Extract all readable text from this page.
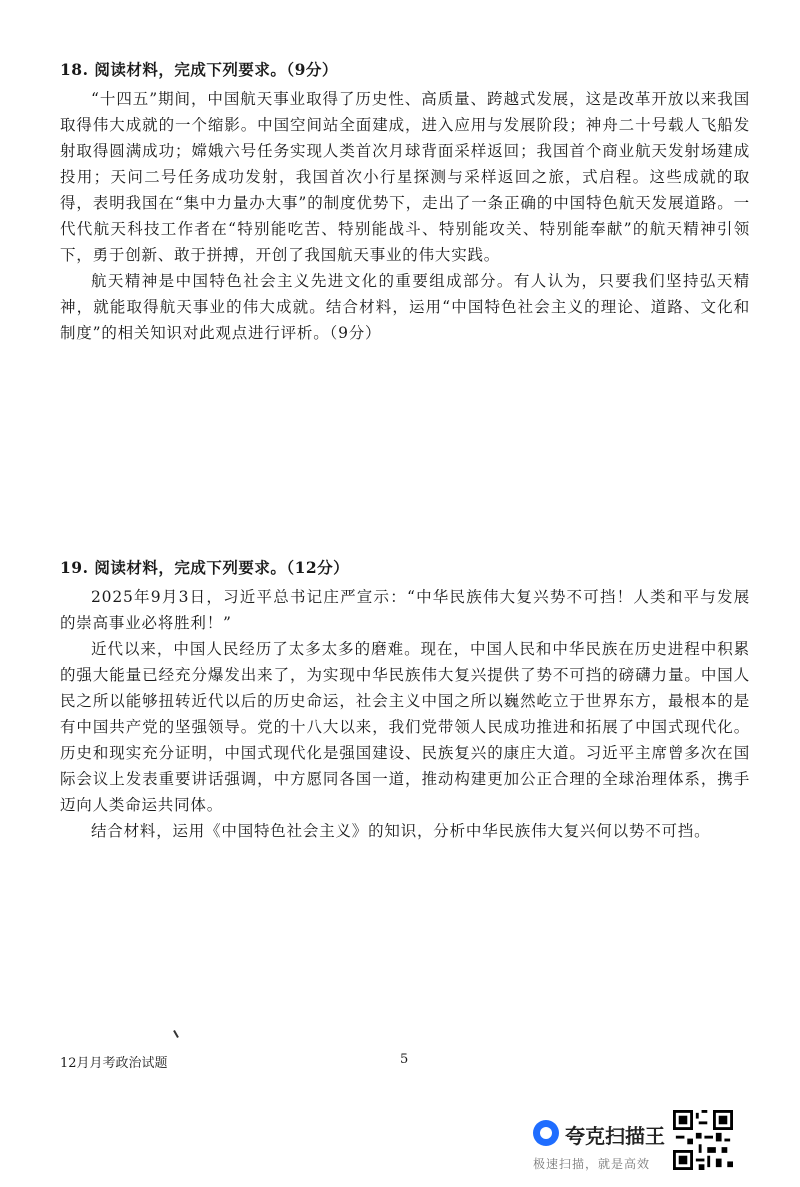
18. 阅读材料，完成下列要求。（9分）

“十四五”期间，中国航天事业取得了历史性、高质量、跨越式发展，这是改革开放以来我国取得伟大成就的一个缩影。中国空间站全面建成，进入应用与发展阶段；神舟二十号载人飞船发射取得圆满成功；嫦娥六号任务实现人类首次月球背面采样返回；我国首个商业航天发射场建成投用；天问二号任务成功发射，我国首次小行星探测与采样返回之旅，式启程。这些成就的取得，表明我国在“集中力量办大事”的制度优势下，走出了一条正确的中国特色航天发展道路。一代代航天科技工作者在“特别能吃苦、特别能战斗、特别能攻关、特别能奉献”的航天精神引领下，勇于创新、敢于拼搏，开创了我国航天事业的伟大实践。

航天精神是中国特色社会主义先进文化的重要组成部分。有人认为，只要我们坚持弘天精神，就能取得航天事业的伟大成就。结合材料，运用“中国特色社会主义的理论、道路、文化和制度”的相关知识对此观点进行评析。（9分）

19. 阅读材料，完成下列要求。（12分）

2025年9月3日，习近平总书记庄严宣示：“中华民族伟大复兴势不可挡！人类和平与发展的崇高事业必将胜利！”

近代以来，中国人民经历了太多太多的磨难。现在，中国人民和中华民族在历史进程中积累的强大能量已经充分爆发出来了，为实现中华民族伟大复兴提供了势不可挡的磅礴力量。中国人民之所以能够扭转近代以后的历史命运，社会主义中国之所以巍然屹立于世界东方，最根本的是有中国共产党的坚强领导。党的十八大以来，我们党带领人民成功推进和拓展了中国式现代化。历史和现实充分证明，中国式现代化是强国建设、民族复兴的康庄大道。习近平主席曾多次在国际会议上发表重要讲话强调，中方愿同各国一道，推动构建更加公正合理的全球治理体系，携手迈向人类命运共同体。

结合材料，运用《中国特色社会主义》的知识，分析中华民族伟大复兴何以势不可挡。

12月月考政治试题	5
夸克扫描王
极速扫描，就是高效
